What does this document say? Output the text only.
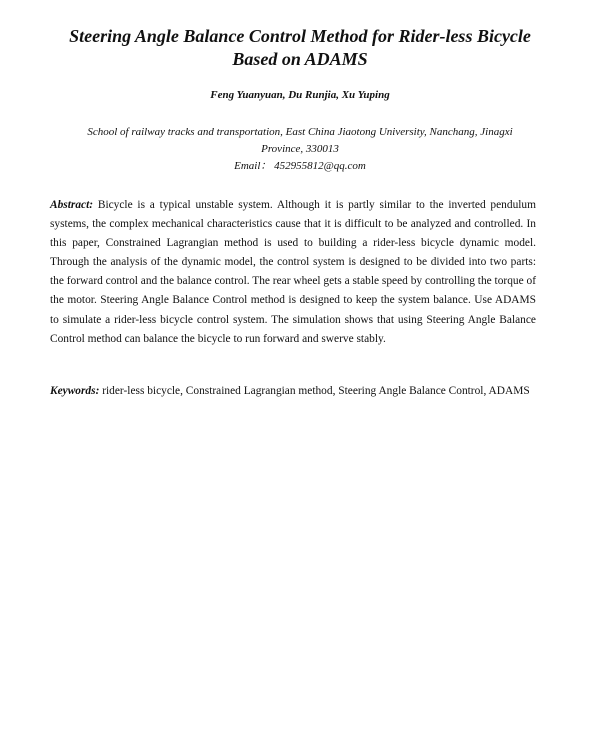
Steering Angle Balance Control Method for Rider-less Bicycle
Based on ADAMS
Feng Yuanyuan, Du Runjia, Xu Yuping
School of railway tracks and transportation, East China Jiaotong University, Nanchang, Jinagxi
Province, 330013
Email： 452955812@qq.com

Abstract: Bicycle is a typical unstable system. Although it is partly similar to the inverted pendulum systems, the complex mechanical characteristics cause that it is difficult to be analyzed and controlled. In this paper, Constrained Lagrangian method is used to building a rider-less bicycle dynamic model. Through the analysis of the dynamic model, the control system is designed to be divided into two parts: the forward control and the balance control. The rear wheel gets a stable speed by controlling the torque of the motor. Steering Angle Balance Control method is designed to keep the system balance. Use ADAMS to simulate a rider-less bicycle control system. The simulation shows that using Steering Angle Balance Control method can balance the bicycle to run forward and swerve stably.

Keywords: rider-less bicycle, Constrained Lagrangian method, Steering Angle Balance Control, ADAMS
